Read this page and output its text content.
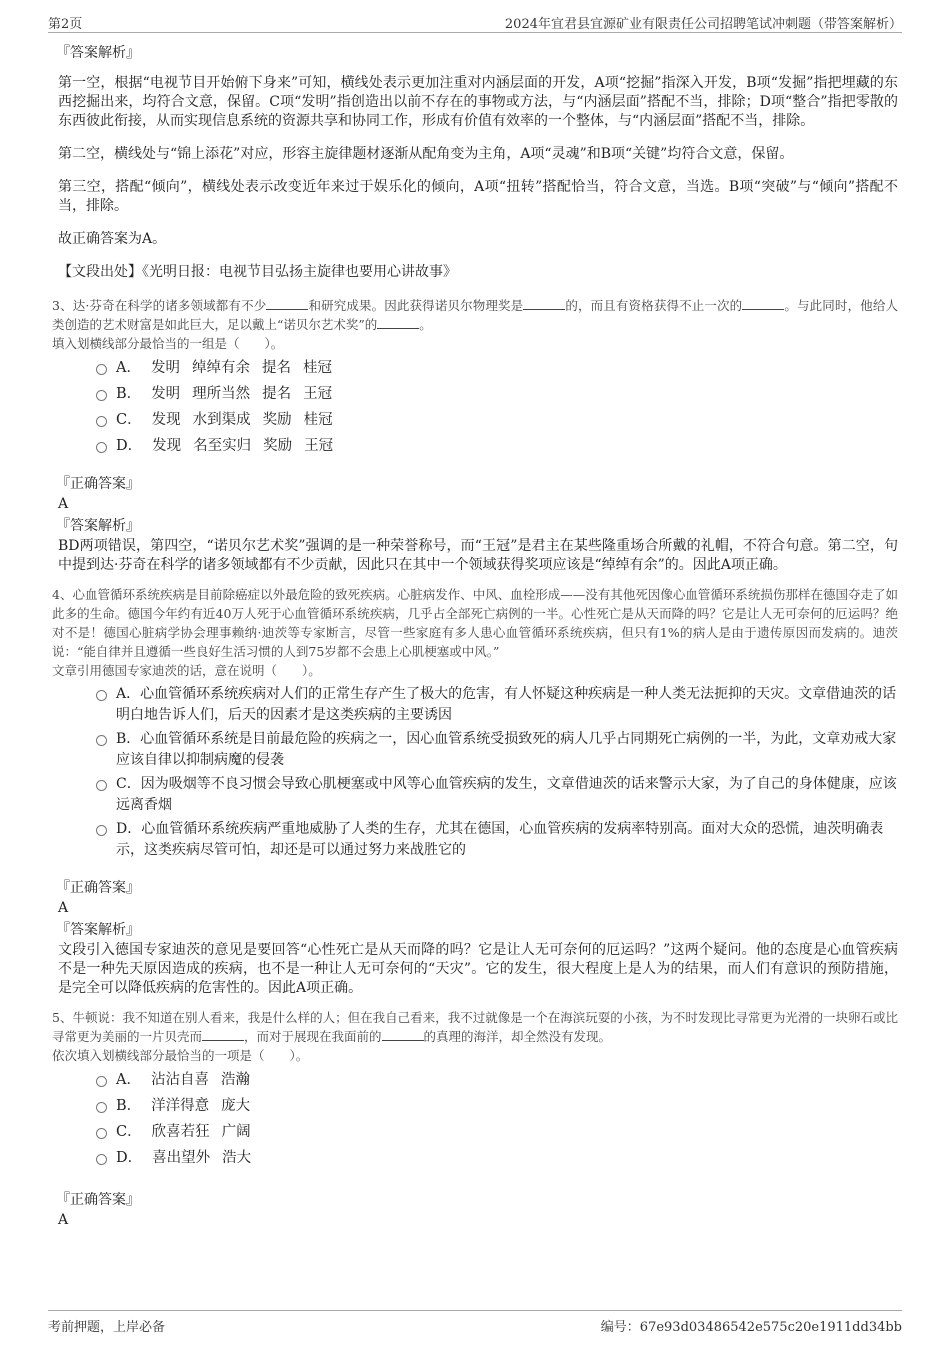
第2页	2024年宜君县宜源矿业有限责任公司招聘笔试冲刺题（带答案解析）
『答案解析』

第一空，根据“电视节目开始俯下身来”可知，横线处表示更加注重对内涵层面的开发，A项“挖掘”指深入开发，B项“发掘”指把埋藏的东西挖掘出来，均符合文意，保留。C项“发明”指创造出以前不存在的事物或方法，与“内涵层面”搭配不当，排除；D项“整合”指把零散的东西彼此衔接，从而实现信息系统的资源共享和协同工作，形成有价值有效率的一个整体，与“内涵层面”搭配不当，排除。

第二空，横线处与“锦上添花”对应，形容主旋律题材逐渐从配角变为主角，A项“灵魂”和B项“关键”均符合文意，保留。

第三空，搭配“倾向”，横线处表示改变近年来过于娱乐化的倾向，A项“扭转”搭配恰当，符合文意，当选。B项“突破”与“倾向”搭配不当，排除。

故正确答案为A。

【文段出处】《光明日报：电视节目弘扬主旋律也要用心讲故事》

3、达·芬奇在科学的诸多领域都有不少	和研究成果。因此获得诺贝尔物理奖是	的，而且有资格获得不止一次的	。与此同时，他给人类创造的艺术财富是如此巨大，足以戴上“诺贝尔艺术奖”的	。
填入划横线部分最恰当的一组是（　　）。

A． 发明 绰绰有余 提名 桂冠
B． 发明 理所当然 提名 王冠
C． 发现 水到渠成 奖励 桂冠
D． 发现 名至实归 奖励 王冠
『正确答案』
A
『答案解析』

BD两项错误，第四空，“诺贝尔艺术奖”强调的是一种荣誉称号，而“王冠”是君主在某些隆重场合所戴的礼帽，不符合句意。第二空，句中提到达·芬奇在科学的诸多领域都有不少贡献，因此只在其中一个领域获得奖项应该是“绰绰有余”的。因此A项正确。

4、心血管循环系统疾病是目前除癌症以外最危险的致死疾病。心脏病发作、中风、血栓形成——没有其他死因像心血管循环系统损伤那样在德国夺走了如此多的生命。德国今年约有近40万人死于心血管循环系统疾病，几乎占全部死亡病例的一半。心性死亡是从天而降的吗？它是让人无可奈何的厄运吗？绝对不是！德国心脏病学协会理事赖纳·迪茨等专家断言，尽管一些家庭有多人患心血管循环系统疾病，但只有1%的病人是由于遗传原因而发病的。迪茨说：“能自律并且遵循一些良好生活习惯的人到75岁都不会患上心肌梗塞或中风。”
文章引用德国专家迪茨的话，意在说明（　　）。

A．心血管循环系统疾病对人们的正常生存产生了极大的危害，有人怀疑这种疾病是一种人类无法扼抑的天灾。文章借迪茨的话明白地告诉人们，后天的因素才是这类疾病的主要诱因
B．心血管循环系统是目前最危险的疾病之一，因心血管系统受损致死的病人几乎占同期死亡病例的一半，为此，文章劝戒大家应该自律以抑制病魔的侵袭
C．因为吸烟等不良习惯会导致心肌梗塞或中风等心血管疾病的发生，文章借迪茨的话来警示大家，为了自己的身体健康，应该远离香烟
D．心血管循环系统疾病严重地威胁了人类的生存，尤其在德国，心血管疾病的发病率特别高。面对大众的恐慌，迪茨明确表示，这类疾病尽管可怕，却还是可以通过努力来战胜它的
『正确答案』
A
『答案解析』

文段引入德国专家迪茨的意见是要回答“心性死亡是从天而降的吗？它是让人无可奈何的厄运吗？”这两个疑问。他的态度是心血管疾病不是一种先天原因造成的疾病，也不是一种让人无可奈何的“天灾”。它的发生，很大程度上是人为的结果，而人们有意识的预防措施，是完全可以降低疾病的危害性的。因此A项正确。

5、牛顿说：我不知道在别人看来，我是什么样的人；但在我自己看来，我不过就像是一个在海滨玩耍的小孩，为不时发现比寻常更为光滑的一块卵石或比寻常更为美丽的一片贝壳而	，而对于展现在我面前的	的真理的海洋，却全然没有发现。
依次填入划横线部分最恰当的一项是（　　）。

A． 沾沾自喜 浩瀚
B． 洋洋得意 庞大
C． 欣喜若狂 广阔
D． 喜出望外 浩大
『正确答案』
A
考前押题，上岸必备	编号：67e93d03486542e575c20e1911dd34bb
